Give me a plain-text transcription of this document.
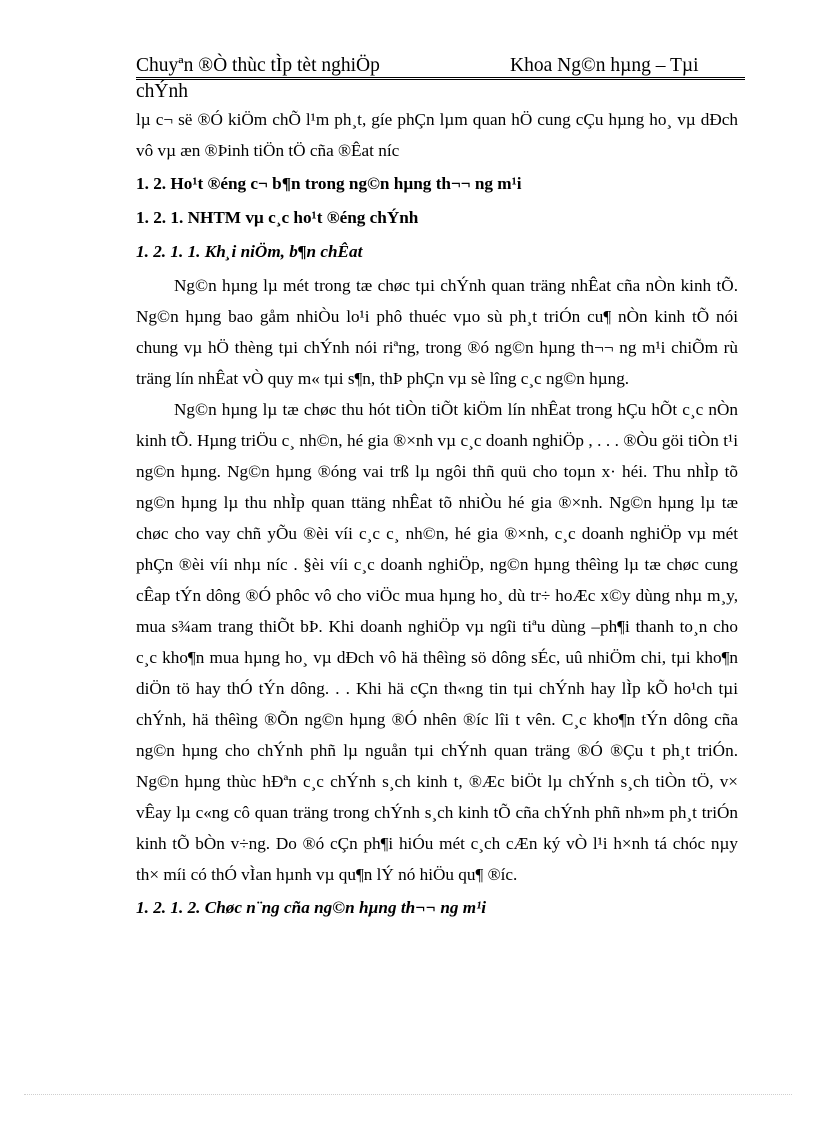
Chuyªn ®Ò thùc tÌp tèt nghiÖp	Khoa Ng©n hµng – Tµi
chÝnh

lµ c¬ së ®Ó kiÖm chÕ l¹m ph¸t, gíe phÇn lµm quan hÖ cung cÇu hµng ho¸ vµ dÐch vô vµ æn ®Þinh tiÖn tÖ cña ®Êat níc

1. 2. Ho¹t ®éng c¬ b¶n trong ng©n hµng th¬¬ ng m¹i

1. 2. 1. NHTM vµ c¸c ho¹t ®éng chÝnh

1. 2. 1. 1. Kh¸i niÖm, b¶n chÊat

Ng©n hµng lµ mét trong tæ chøc tµi chÝnh quan träng nhÊat cña nÒn kinh tÕ. Ng©n hµng bao gåm nhiÒu lo¹i phô thuéc vµo sù ph¸t triÓn cu¶ nÒn kinh tÕ nói chung vµ hÖ thèng tµi chÝnh nói riªng, trong ®ó ng©n hµng th¬¬ ng m¹i chiÕm rù träng lín nhÊat vÒ quy m« tµi s¶n, thÞ phÇn vµ sè lîng c¸c ng©n hµng.

Ng©n hµng lµ tæ chøc thu hót tiÒn tiÕt kiÖm lín nhÊat trong hÇu hÕt c¸c nÒn kinh tÕ. Hµng triÖu c¸ nh©n, hé gia ®×nh vµ c¸c doanh nghiÖp , . . . ®Òu göi tiÒn t¹i ng©n hµng. Ng©n hµng ®óng vai trß lµ ngôi thñ quü cho toµn x· héi. Thu nhÌp tõ ng©n hµng lµ thu nhÌp quan ttäng nhÊat tõ nhiÒu hé gia ®×nh. Ng©n hµng lµ tæ chøc cho vay chñ yÕu ®èi víi c¸c c¸ nh©n, hé gia ®×nh, c¸c doanh nghiÖp vµ mét phÇn ®èi víi nhµ níc . §èi víi c¸c doanh nghiÖp, ng©n hµng thêìng lµ tæ chøc cung cÊap tÝn dông ®Ó phôc vô cho viÖc mua hµng ho¸ dù tr÷ hoÆc x©y dùng nhµ m¸y, mua s¾am trang thiÕt bÞ. Khi doanh nghiÖp vµ ngîi tiªu dùng –ph¶i thanh to¸n cho c¸c kho¶n mua hµng ho¸ vµ dÐch vô hä thêìng sö dông sÉc, uû nhiÖm chi, tµi kho¶n diÖn tö hay thÓ tÝn dông. . . Khi hä cÇn th«ng tin tµi chÝnh hay lÌp kÕ ho¹ch tµi chÝnh, hä thêìng ®Õn ng©n hµng ®Ó nhên ®íc lîi t vên. C¸c kho¶n tÝn dông cña ng©n hµng cho chÝnh phñ lµ nguån tµi chÝnh quan träng ®Ó ®Çu t ph¸t triÓn. Ng©n hµng thùc hÐªn c¸c chÝnh s¸ch kinh t, ®Æc biÖt lµ chÝnh s¸ch tiÒn tÖ, v× vÊay lµ c«ng cô quan träng trong chÝnh s¸ch kinh tÕ cña chÝnh phñ nh»m ph¸t triÓn kinh tÕ bÒn v÷ng. Do ®ó cÇn ph¶i hiÓu mét c¸ch cÆn ký vÒ l¹i h×nh tá chóc nµy th× míi có thÓ vÌan hµnh vµ qu¶n lÝ nó hiÖu qu¶ ®íc.

1. 2. 1. 2. Chøc n¨ng cña ng©n hµng th¬¬ ng m¹i
